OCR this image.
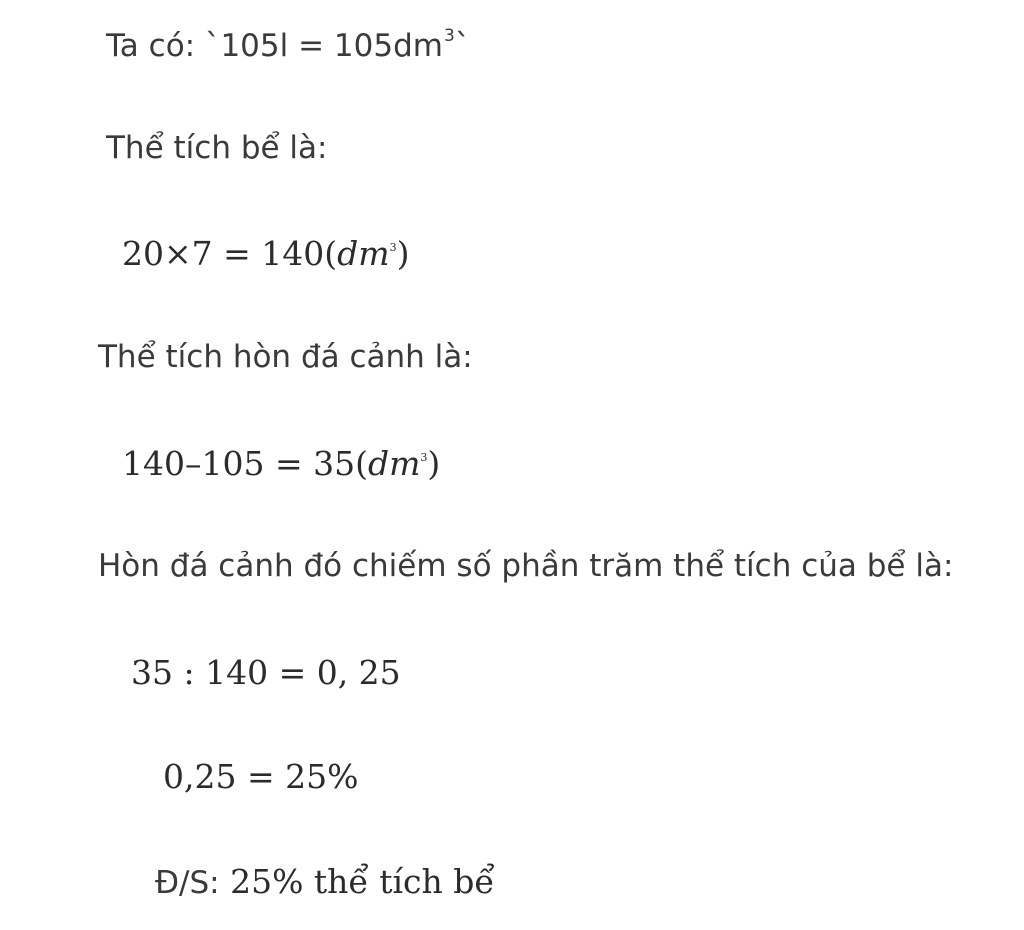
Ta có: `105l = $105dm^3`$
Thể tích bể là:
$20\times 7 = 140(dm^3)$
Thể tích hòn đá cảnh là:
$140-105 = 35(dm^3)$
Hòn đá cảnh đó chiếm số phần trăm thể tích của bể là:
35 : 140 = 0, 25
0,25 = 25%
Đ/S: 25% thể tích bể
